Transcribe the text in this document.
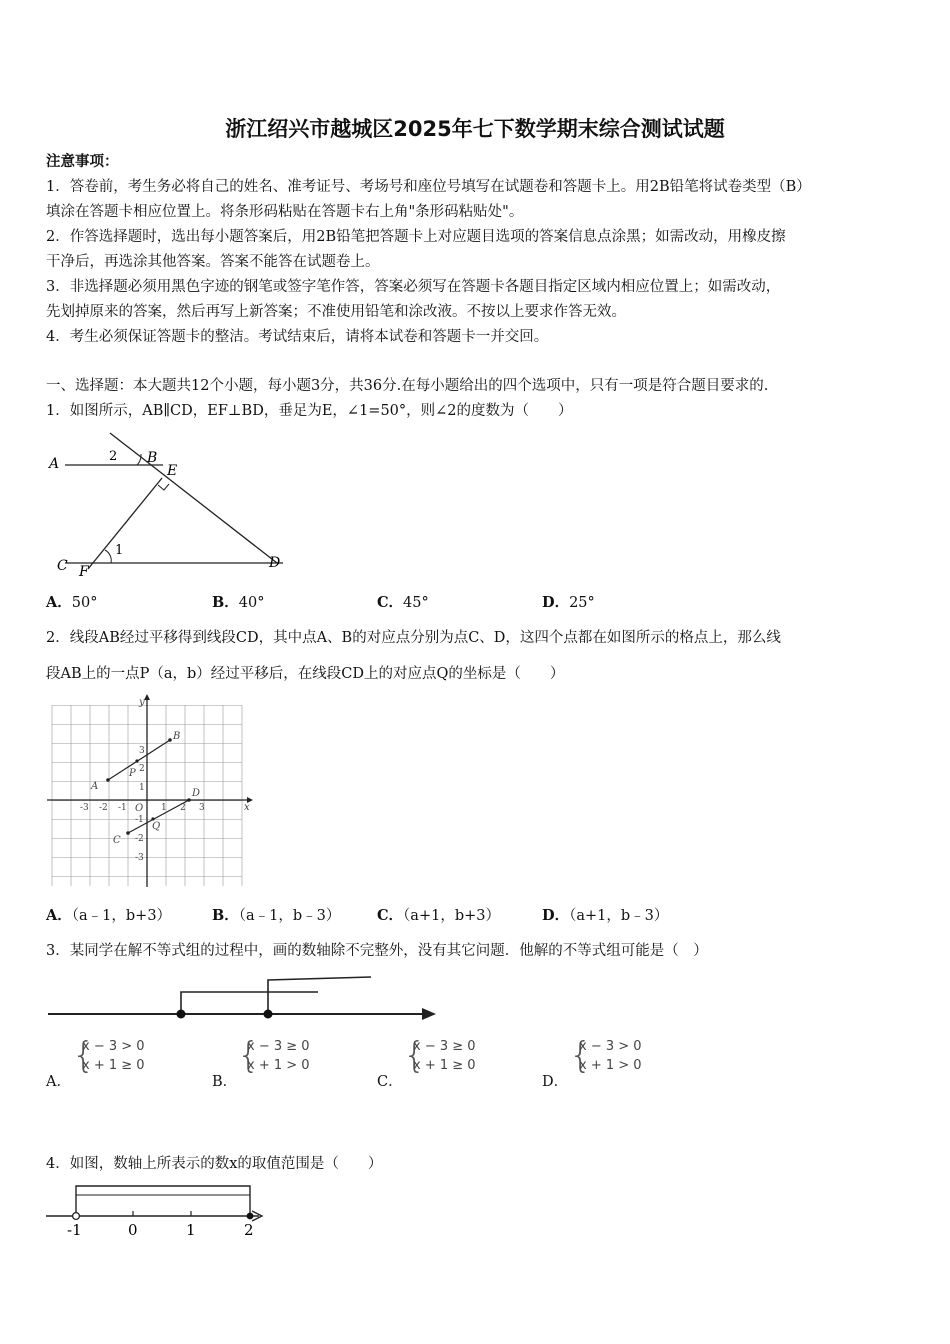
浙江绍兴市越城区2025年七下数学期末综合测试试题
注意事项：
1．答卷前，考生务必将自己的姓名、准考证号、考场号和座位号填写在试题卷和答题卡上。用2B铅笔将试卷类型（B）
填涂在答题卡相应位置上。将条形码粘贴在答题卡右上角"条形码粘贴处"。
2．作答选择题时，选出每小题答案后，用2B铅笔把答题卡上对应题目选项的答案信息点涂黑；如需改动，用橡皮擦
干净后，再选涂其他答案。答案不能答在试题卷上。
3．非选择题必须用黑色字迹的钢笔或签字笔作答，答案必须写在答题卡各题目指定区域内相应位置上；如需改动，
先划掉原来的答案，然后再写上新答案；不准使用铅笔和涂改液。不按以上要求作答无效。
4．考生必须保证答题卡的整洁。考试结束后，请将本试卷和答题卡一并交回。
一、选择题：本大题共12个小题，每小题3分，共36分.在每小题给出的四个选项中，只有一项是符合题目要求的.
1．如图所示，AB∥CD，EF⊥BD，垂足为E，∠1=50°，则∠2的度数为（　　）
A	B
E
C F
D
1
2
A．50°	B．40°	C．45°	D．25°
2．线段AB经过平移得到线段CD，其中点A、B的对应点分别为点C、D，这四个点都在如图所示的格点上，那么线
段AB上的一点P（a，b）经过平移后，在线段CD上的对应点Q的坐标是（　　）
y
x
O
A
B
C
D
P
Q
-3 -2 -1	1 2 3
3
2
1
-1
-2
-3
A．（a﹣1，b+3）	B．（a﹣1，b﹣3）	C．（a+1，b+3）	D．（a+1，b﹣3）
3．某同学在解不等式组的过程中，画的数轴除不完整外，没有其它问题．他解的不等式组可能是（　）
A．
{
x − 3 > 0
x + 1 ≥ 0
B．
{
x − 3 ≥ 0
x + 1 > 0
C．
{
x − 3 ≥ 0
x + 1 ≥ 0
D．
{
x − 3 > 0
x + 1 > 0
4．如图，数轴上所表示的数x的取值范围是（　　）
-1	0	1	2
